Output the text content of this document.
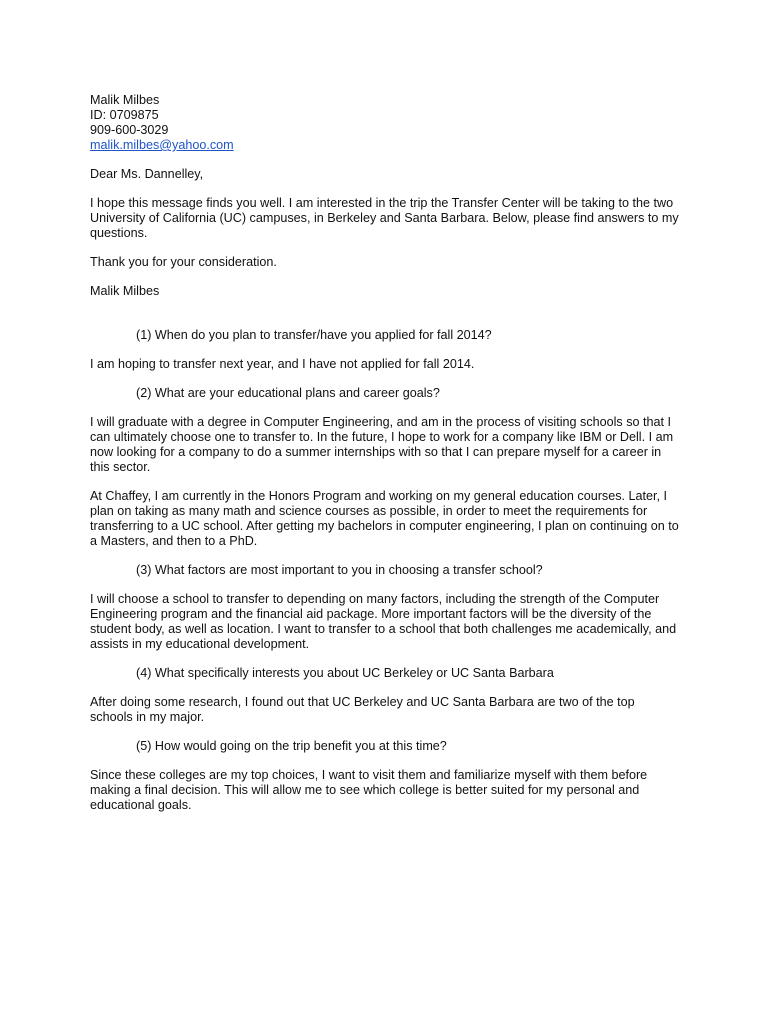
Malik Milbes
ID: 0709875
909-600-3029
malik.milbes@yahoo.com
Dear Ms. Dannelley,
I hope this message finds you well. I am interested in the trip the Transfer Center will be taking to the two
University of California (UC) campuses, in Berkeley and Santa Barbara. Below, please find answers to my
questions.
Thank you for your consideration.
Malik Milbes
(1) When do you plan to transfer/have you applied for fall 2014?
I am hoping to transfer next year, and I have not applied for fall 2014.
(2) What are your educational plans and career goals?
I will graduate with a degree in Computer Engineering, and am in the process of visiting schools so that I
can ultimately choose one to transfer to. In the future, I hope to work for a company like IBM or Dell. I am
now looking for a company to do a summer internships with so that I can prepare myself for a career in
this sector.
At Chaffey, I am currently in the Honors Program and working on my general education courses. Later, I
plan on taking as many math and science courses as possible, in order to meet the requirements for
transferring to a UC school. After getting my bachelors in computer engineering, I plan on continuing on to
a Masters, and then to a PhD.
(3) What factors are most important to you in choosing a transfer school?
I will choose a school to transfer to depending on many factors, including the strength of the Computer
Engineering program and the financial aid package. More important factors will be the diversity of the
student body, as well as location. I want to transfer to a school that both challenges me academically, and
assists in my educational development.
(4) What specifically interests you about UC Berkeley or UC Santa Barbara
After doing some research, I found out that UC Berkeley and UC Santa Barbara are two of the top
schools in my major.
(5) How would going on the trip benefit you at this time?
Since these colleges are my top choices, I want to visit them and familiarize myself with them before
making a final decision. This will allow me to see which college is better suited for my personal and
educational goals.
